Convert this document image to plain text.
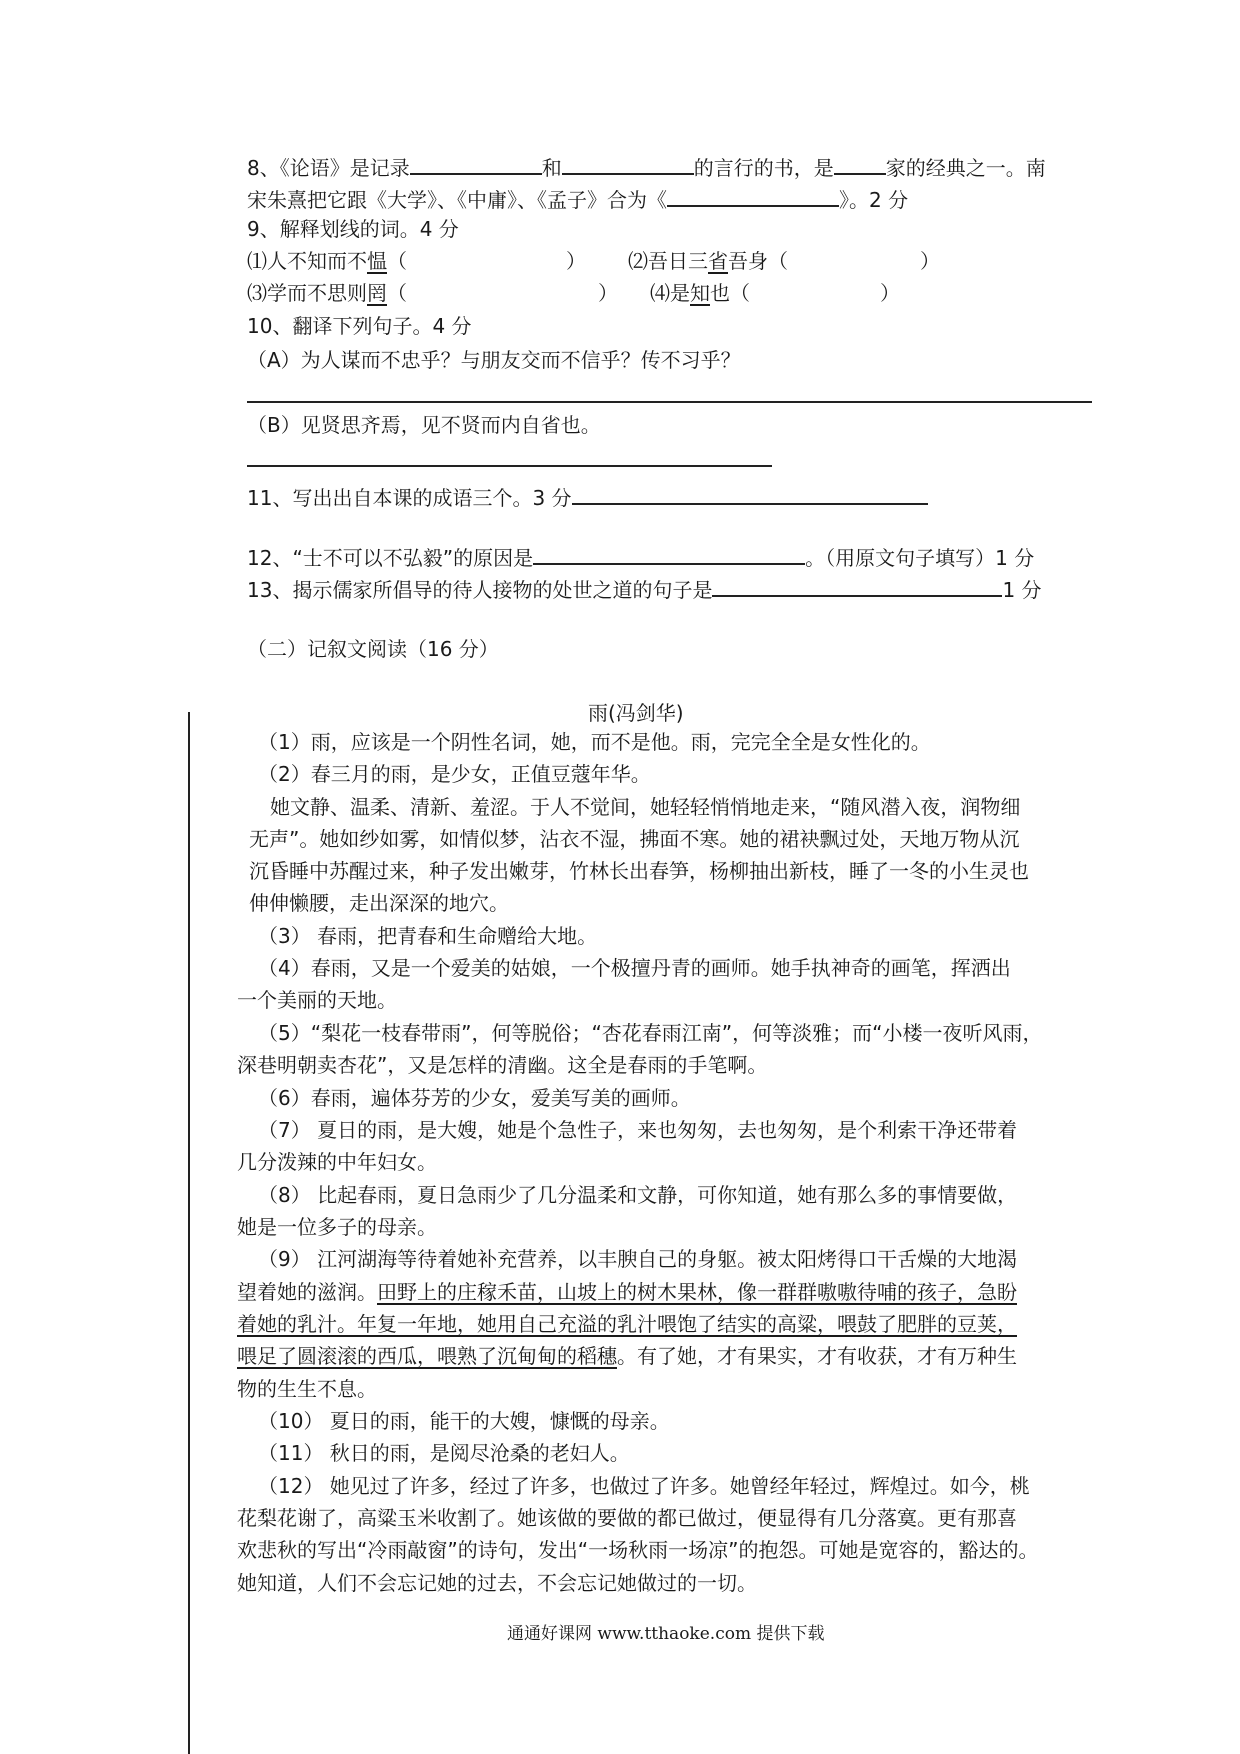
8、《论语》是记录	和	的言行的书，是	家的经典之一。南
宋朱熹把它跟《大学》、《中庸》、《孟子》合为《	》。2 分
9、解释划线的词。4 分
⑴人不知而不愠（	） ⑵吾日三省吾身（	）
⑶学而不思则罔（	） ⑷是知也（	）
10、翻译下列句子。4 分
（A）为人谋而不忠乎？与朋友交而不信乎？传不习乎？
（B）见贤思齐焉，见不贤而内自省也。
11、写出出自本课的成语三个。3 分
12、“士不可以不弘毅”的原因是	。（用原文句子填写）1 分
13、揭示儒家所倡导的待人接物的处世之道的句子是	1 分
（二）记叙文阅读（16 分）
雨(冯剑华)
（1）雨，应该是一个阴性名词，她，而不是他。雨，完完全全是女性化的。
（2）春三月的雨，是少女，正值豆蔻年华。
她文静、温柔、清新、羞涩。于人不觉间，她轻轻悄悄地走来，“随风潜入夜，润物细
无声”。她如纱如雾，如情似梦，沾衣不湿，拂面不寒。她的裙袂飘过处，天地万物从沉
沉昏睡中苏醒过来，种子发出嫩芽，竹林长出春笋，杨柳抽出新枝，睡了一冬的小生灵也
伸伸懒腰，走出深深的地穴。
（3） 春雨，把青春和生命赠给大地。
（4）春雨，又是一个爱美的姑娘，一个极擅丹青的画师。她手执神奇的画笔，挥洒出
一个美丽的天地。
（5）“梨花一枝春带雨”，何等脱俗；“杏花春雨江南”，何等淡雅；而“小楼一夜听风雨，
深巷明朝卖杏花”，又是怎样的清幽。这全是春雨的手笔啊。
（6）春雨，遍体芬芳的少女，爱美写美的画师。
（7） 夏日的雨，是大嫂，她是个急性子，来也匆匆，去也匆匆，是个利索干净还带着
几分泼辣的中年妇女。
（8） 比起春雨，夏日急雨少了几分温柔和文静，可你知道，她有那么多的事情要做，
她是一位多子的母亲。
（9） 江河湖海等待着她补充营养，以丰腴自己的身躯。被太阳烤得口干舌燥的大地渴
望着她的滋润。田野上的庄稼禾苗，山坡上的树木果林，像一群群嗷嗷待哺的孩子，急盼
着她的乳汁。年复一年地，她用自己充溢的乳汁喂饱了结实的高粱，喂鼓了肥胖的豆荚，
喂足了圆滚滚的西瓜，喂熟了沉甸甸的稻穗。有了她，才有果实，才有收获，才有万种生
物的生生不息。
（10） 夏日的雨，能干的大嫂，慷慨的母亲。
（11） 秋日的雨，是阅尽沧桑的老妇人。
（12） 她见过了许多，经过了许多，也做过了许多。她曾经年轻过，辉煌过。如今，桃
花梨花谢了，高粱玉米收割了。她该做的要做的都已做过，便显得有几分落寞。更有那喜
欢悲秋的写出“冷雨敲窗”的诗句，发出“一场秋雨一场凉”的抱怨。可她是宽容的，豁达的。
她知道，人们不会忘记她的过去，不会忘记她做过的一切。
通通好课网 www.tthaoke.com 提供下载
